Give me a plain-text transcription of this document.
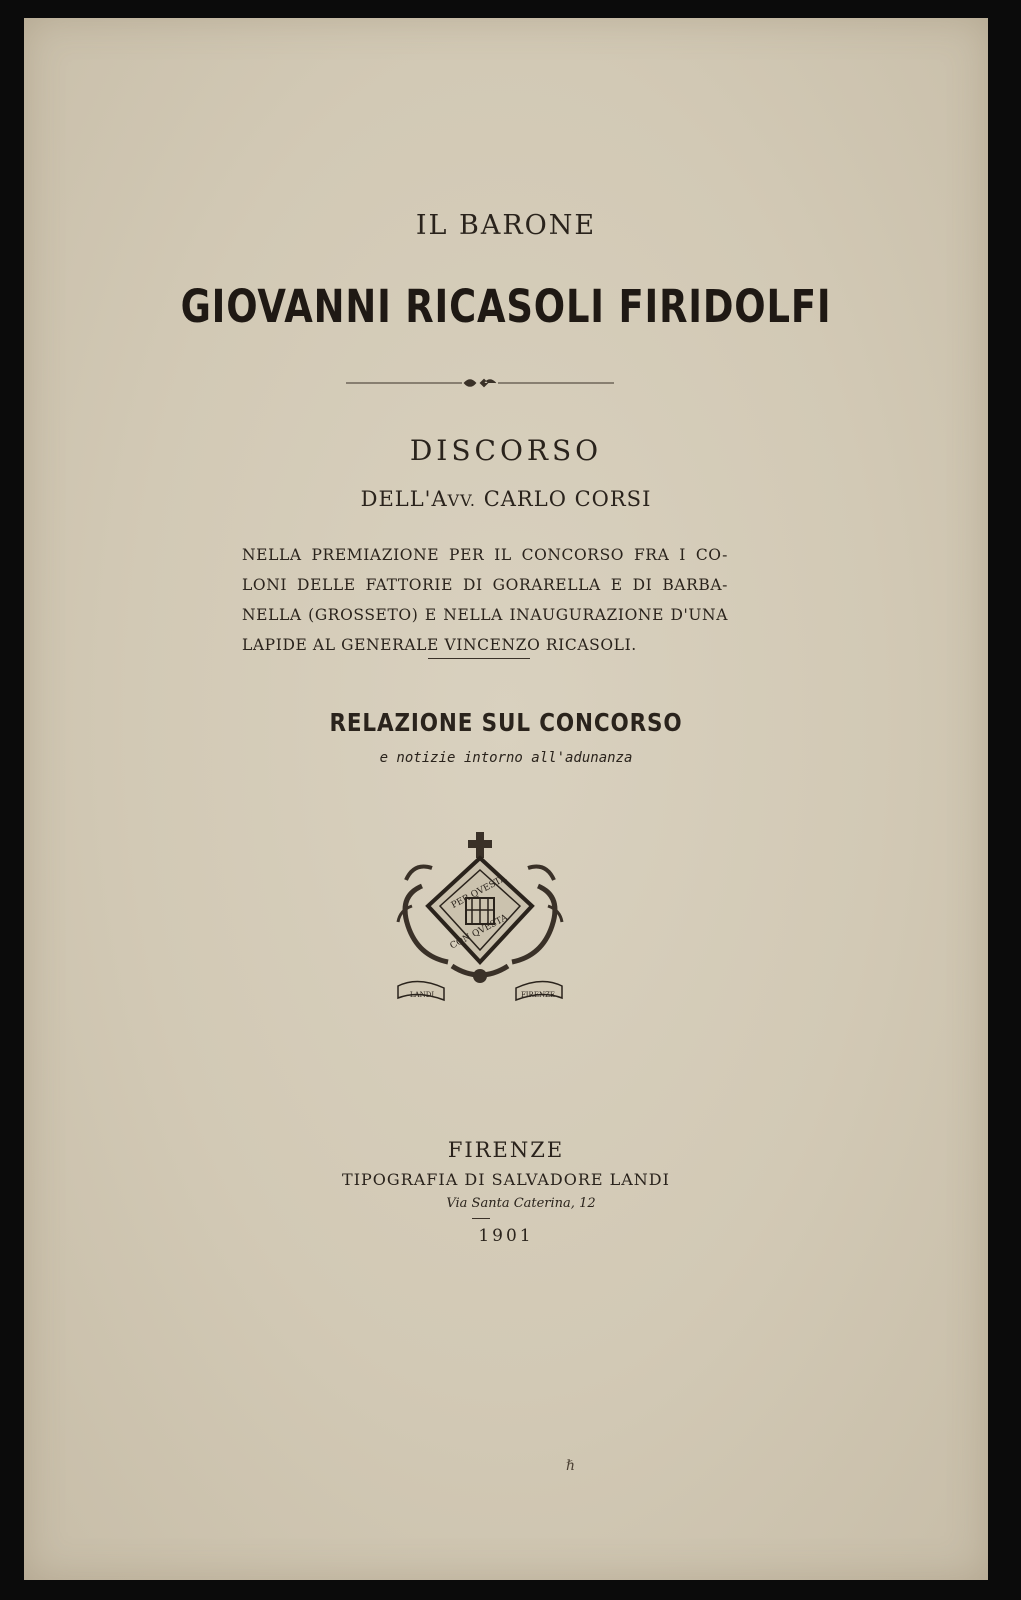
IL BARONE
GIOVANNI RICASOLI FIRIDOLFI
DISCORSO
DELL'AVV. CARLO CORSI
NELLA PREMIAZIONE PER IL CONCORSO FRA I CO-
LONI DELLE FATTORIE DI GORARELLA E DI BARBA-
NELLA (GROSSETO) E NELLA INAUGURAZIONE D'UNA
LAPIDE AL GENERALE VINCENZO RICASOLI.
RELAZIONE SUL CONCORSO
e notizie intorno all'adunanza
PER QVESTA
CON QVESTA
LANDI	FIRENZE
FIRENZE
TIPOGRAFIA DI SALVADORE LANDI
Via Santa Caterina, 12
1901
ℏ
